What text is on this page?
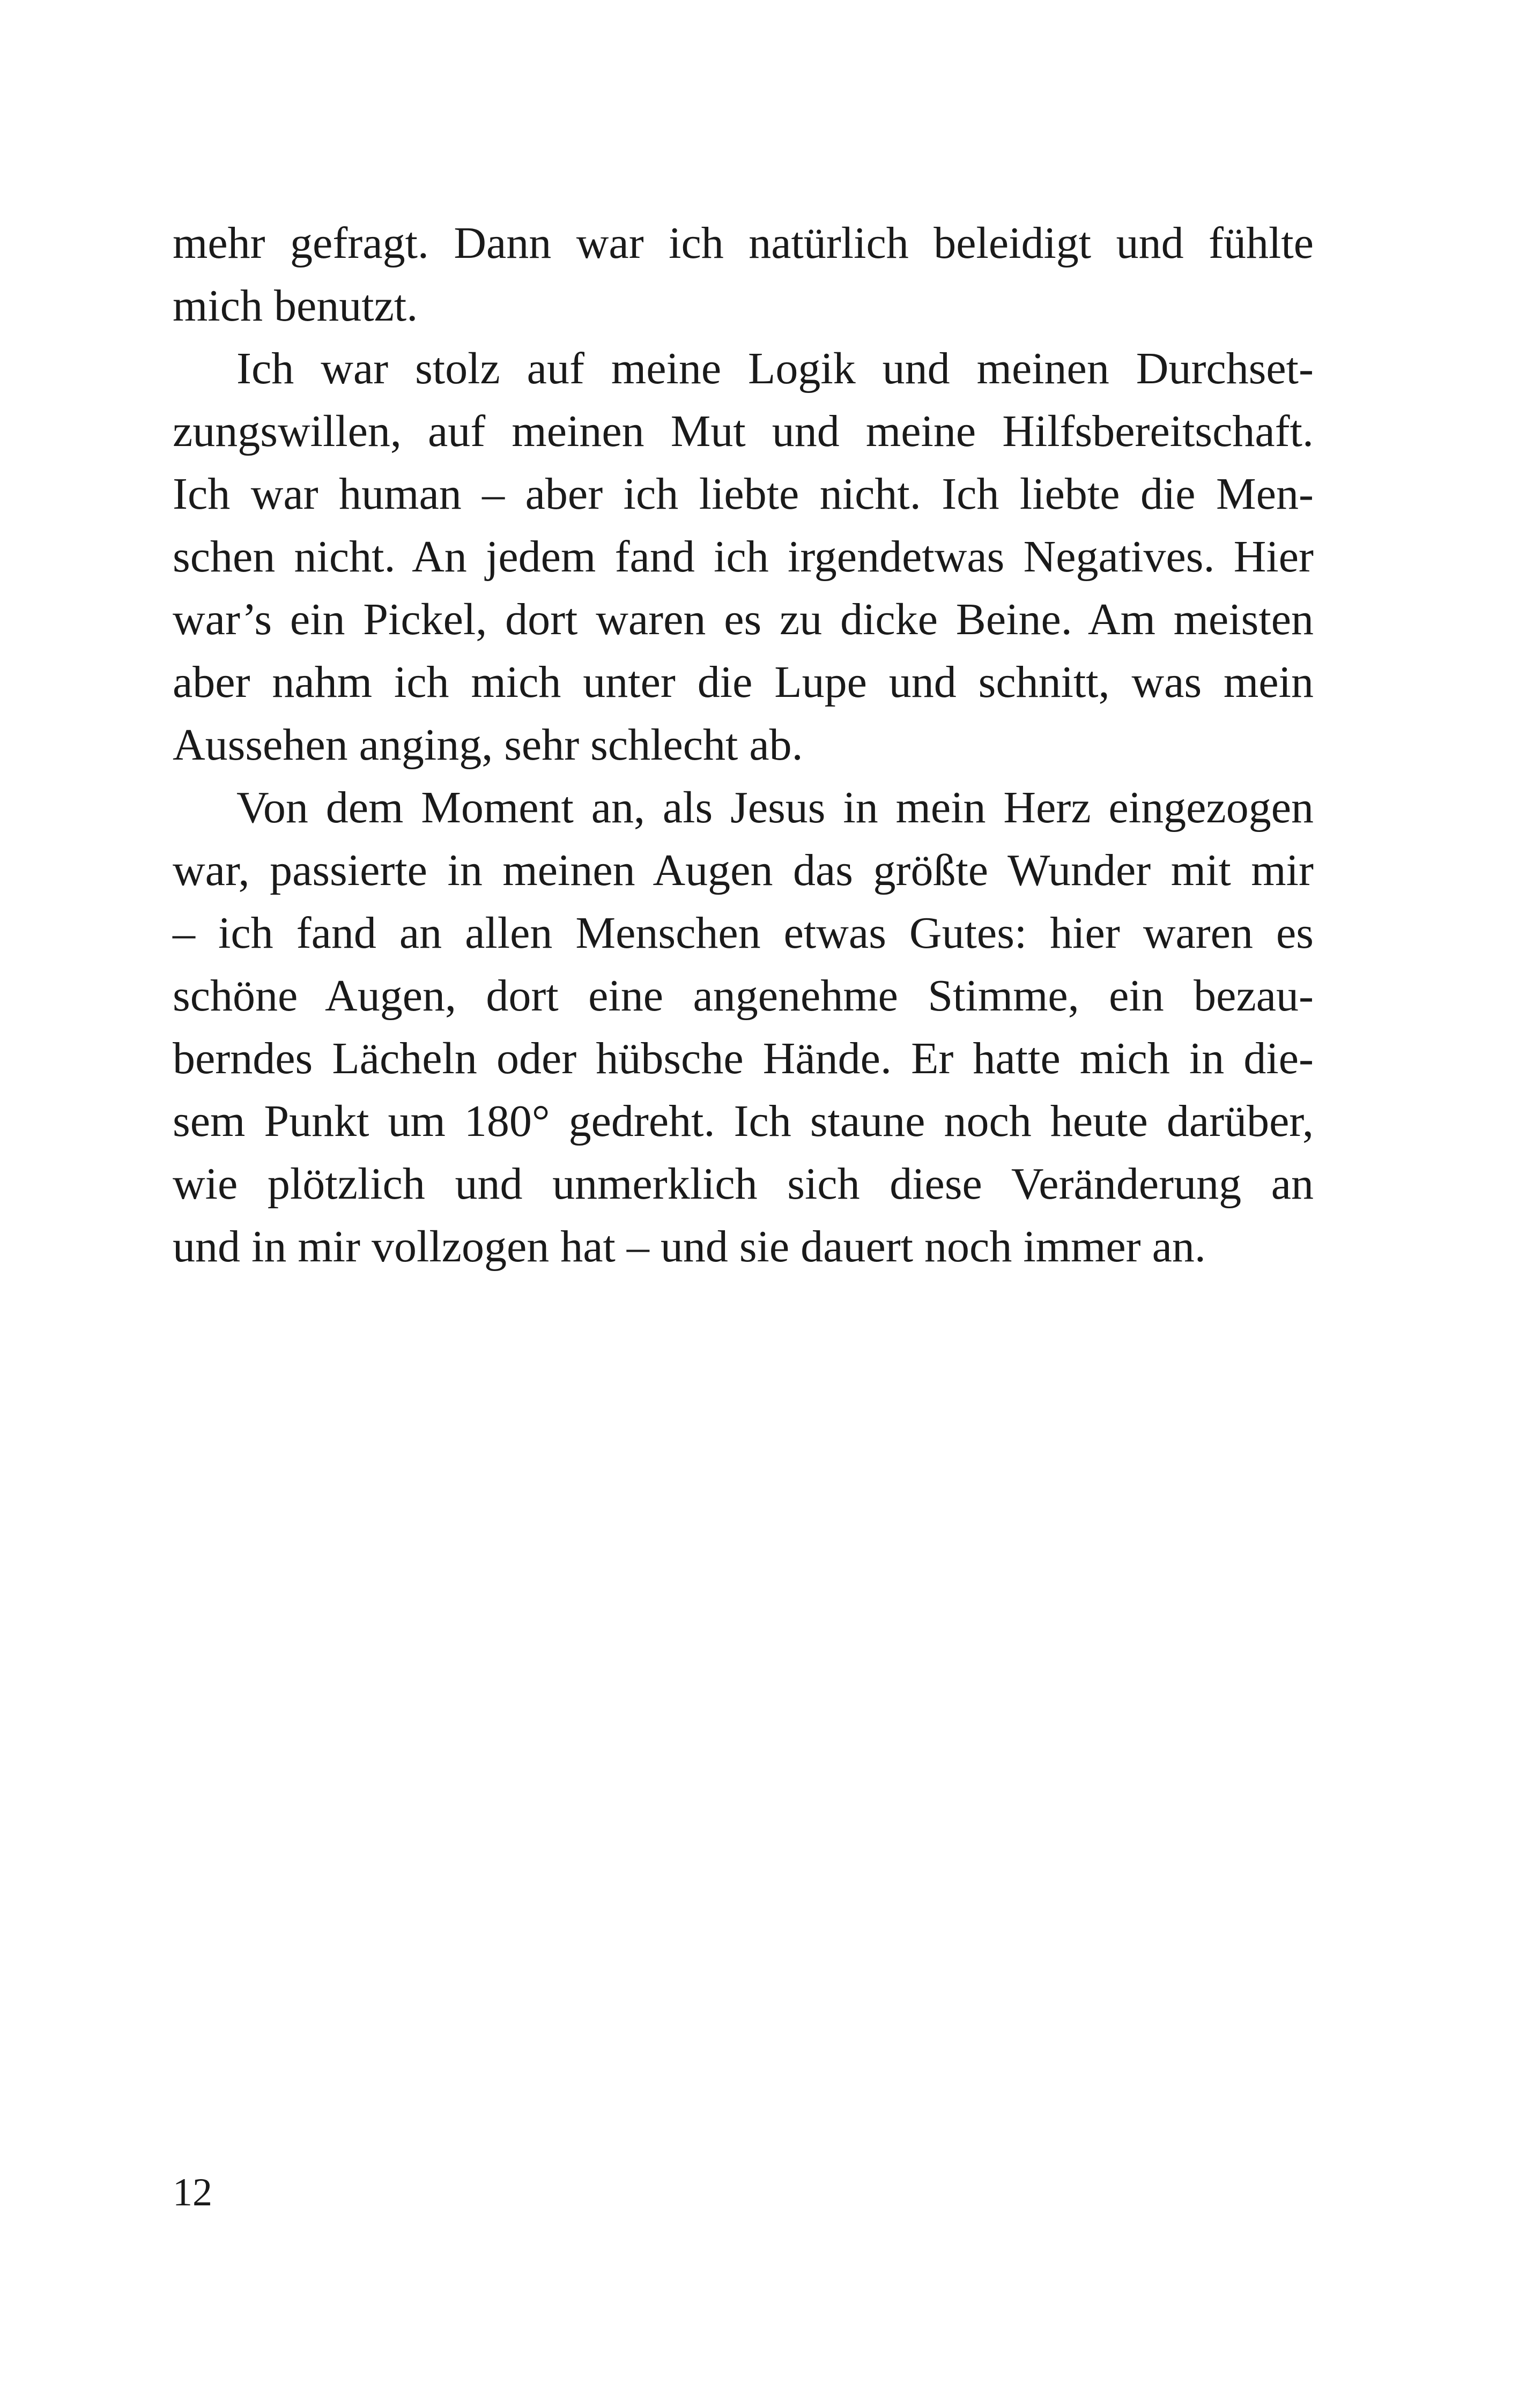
mehr gefragt. Dann war ich natürlich beleidigt und fühlte
mich benutzt.
Ich war stolz auf meine Logik und meinen Durchset-
zungswillen, auf meinen Mut und meine Hilfsbereitschaft.
Ich war human – aber ich liebte nicht. Ich liebte die Men-
schen nicht. An jedem fand ich irgendetwas Negatives. Hier
war’s ein Pickel, dort waren es zu dicke Beine. Am meisten
aber nahm ich mich unter die Lupe und schnitt, was mein
Aussehen anging, sehr schlecht ab.
Von dem Moment an, als Jesus in mein Herz eingezogen
war, passierte in meinen Augen das größte Wunder mit mir
– ich fand an allen Menschen etwas Gutes: hier waren es
schöne Augen, dort eine angenehme Stimme, ein bezau-
berndes Lächeln oder hübsche Hände. Er hatte mich in die-
sem Punkt um 180° gedreht. Ich staune noch heute darüber,
wie plötzlich und unmerklich sich diese Veränderung an
und in mir vollzogen hat – und sie dauert noch immer an.
12
